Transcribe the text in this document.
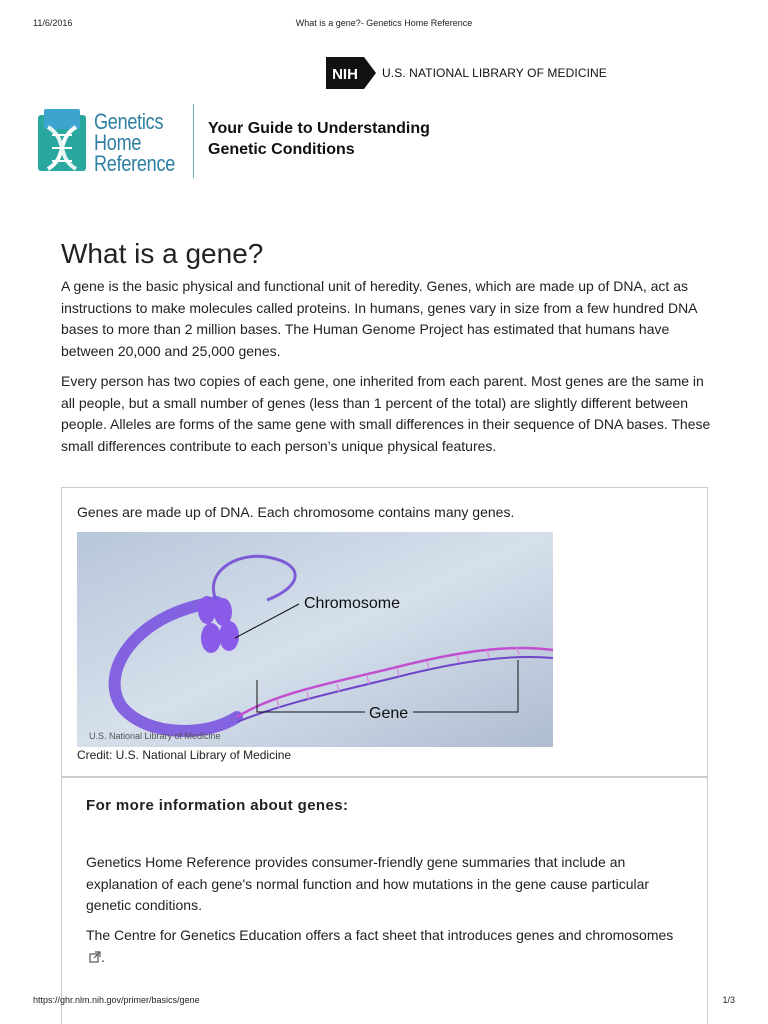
11/6/2016	What is a gene?- Genetics Home Reference
NIH U.S. NATIONAL LIBRARY OF MEDICINE
Genetics
Home
Reference
Your Guide to Understanding
Genetic Conditions
What is a gene?

A gene is the basic physical and functional unit of heredity. Genes, which are made up of DNA, act as instructions to make molecules called proteins. In humans, genes vary in size from a few hundred DNA bases to more than 2 million bases. The Human Genome Project has estimated that humans have between 20,000 and 25,000 genes.

Every person has two copies of each gene, one inherited from each parent. Most genes are the same in all people, but a small number of genes (less than 1 percent of the total) are slightly different between people. Alleles are forms of the same gene with small differences in their sequence of DNA bases. These small differences contribute to each person’s unique physical features.

Genes are made up of DNA. Each chromosome contains many genes.
Chromosome
Gene
U.S. National Library of Medicine
Credit: U.S. National Library of Medicine
For more information about genes:

Genetics Home Reference provides consumer-friendly gene summaries that include an explanation of each gene's normal function and how mutations in the gene cause particular genetic conditions.

The Centre for Genetics Education offers a fact sheet that introduces genes and chromosomes.

https://ghr.nlm.nih.gov/primer/basics/gene	1/3
